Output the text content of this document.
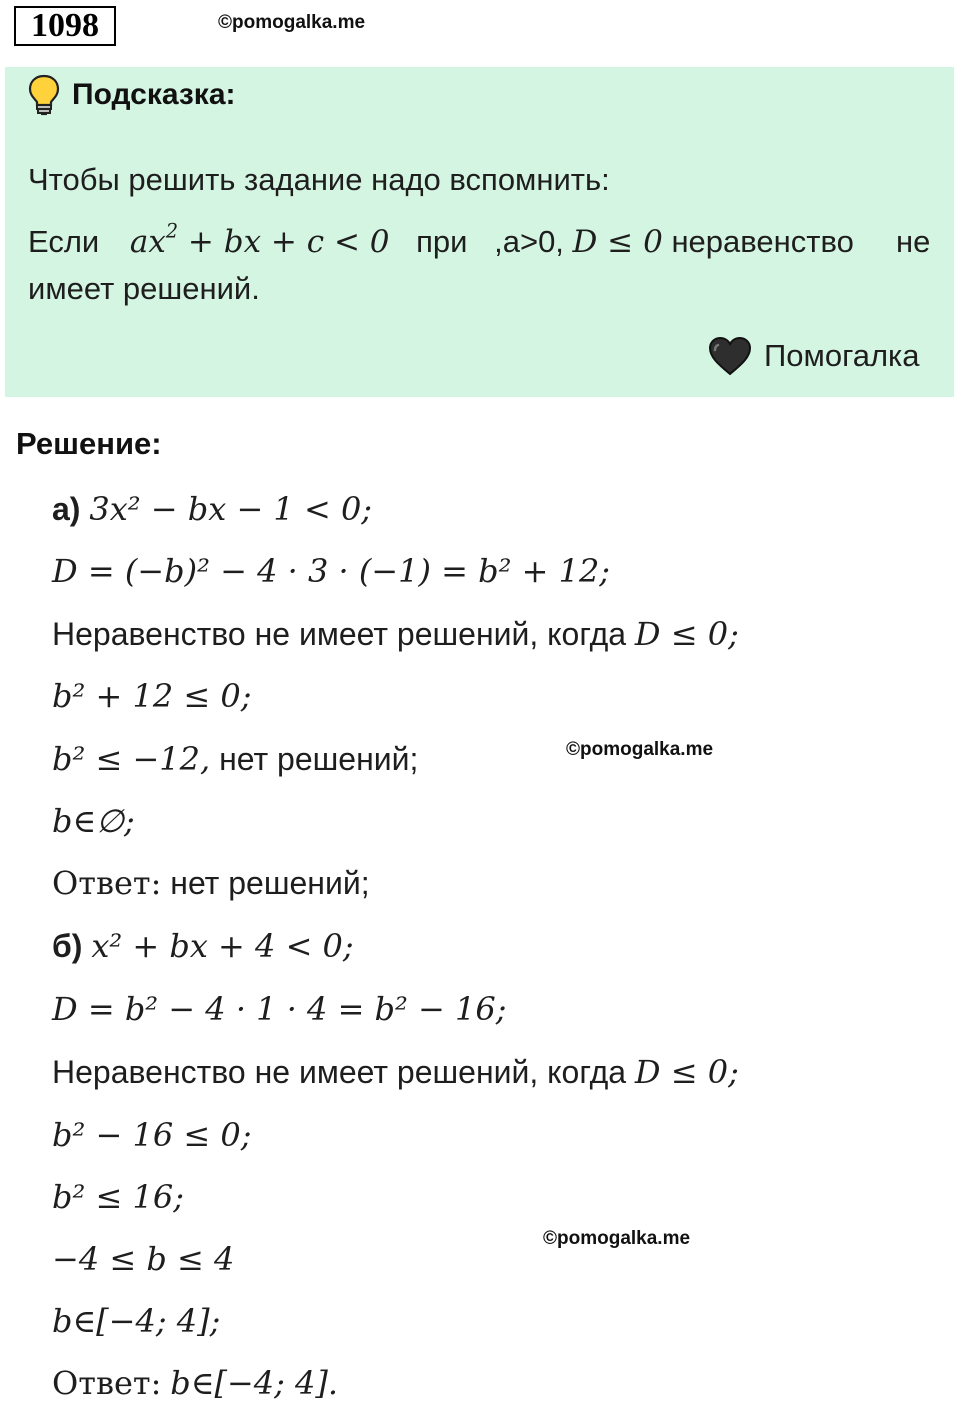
1098	©pomogalka.me
Подсказка:
Чтобы решить задание надо вспомнить:
Если $ax^2$ + bx + c < 0 при ,a>0, D ≤ 0 неравенство не
имеет решений.
Помогалка
Решение:
а) 3x² − bx − 1 < 0;
D = (−b)² − 4 · 3 · (−1) = b² + 12;
Неравенство не имеет решений, когда D ≤ 0;
b² + 12 ≤ 0;
b² ≤ −12, нет решений;	©pomogalka.me
b∈∅;
Ответ: нет решений;
б) x² + bx + 4 < 0;
D = b² − 4 · 1 · 4 = b² − 16;
Неравенство не имеет решений, когда D ≤ 0;
b² − 16 ≤ 0;
b² ≤ 16;
©pomogalka.me
−4 ≤ b ≤ 4
b∈[−4; 4];
Ответ: b∈[−4; 4].
